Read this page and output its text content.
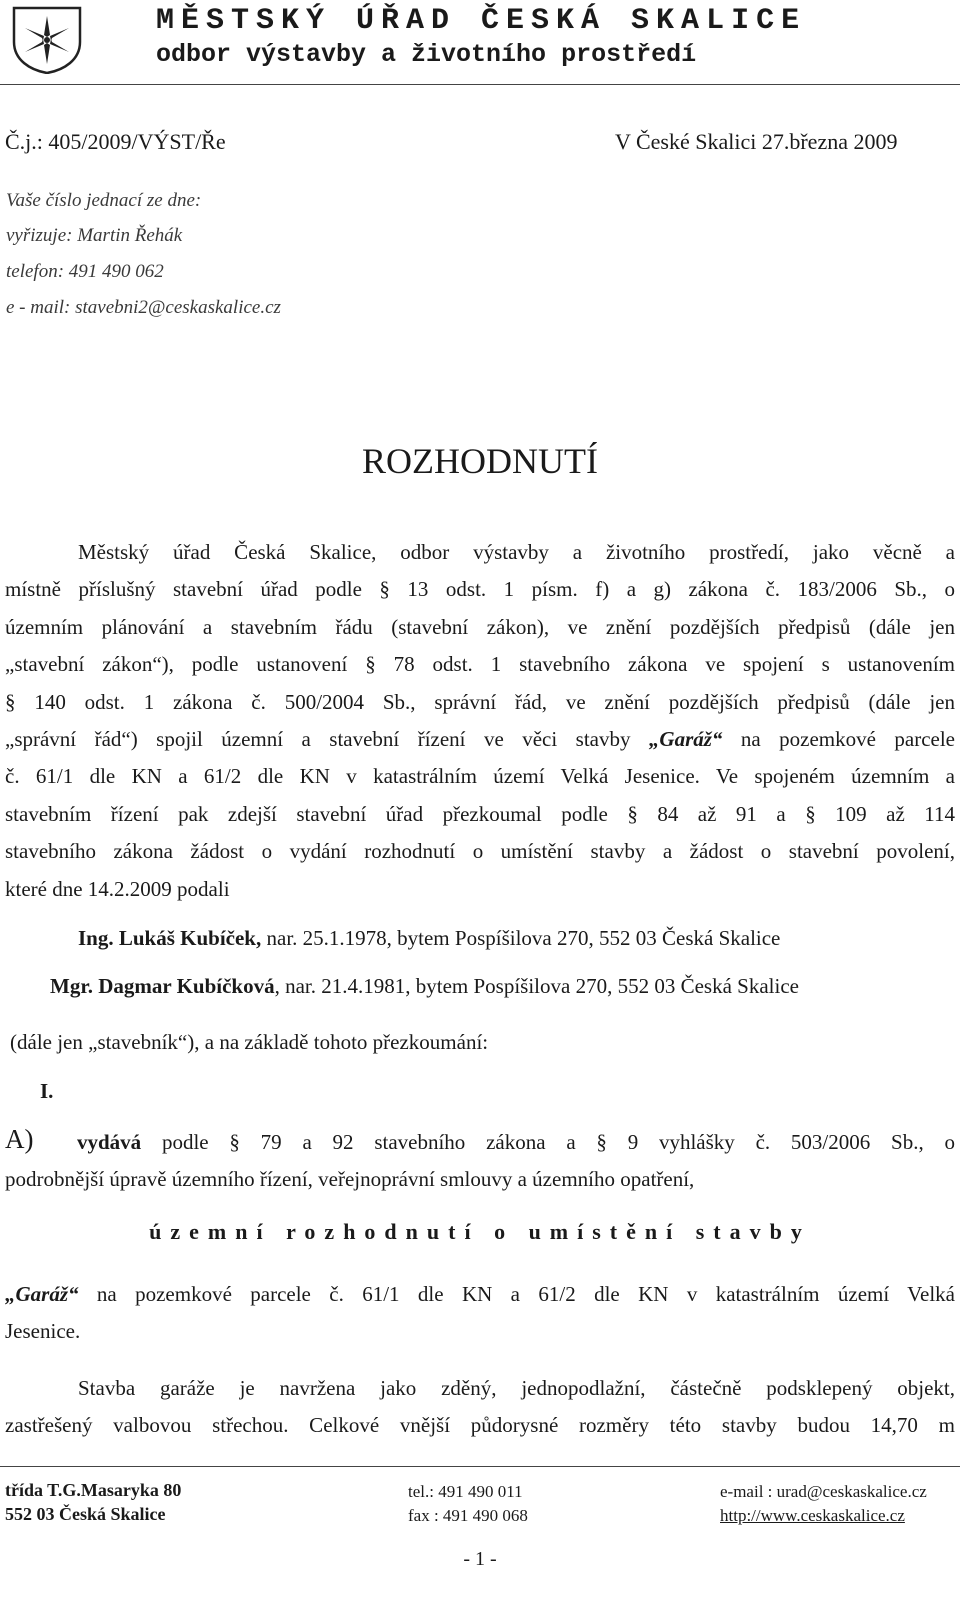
MĚSTSKÝ ÚŘAD ČESKÁ SKALICE
odbor výstavby a životního prostředí
Č.j.: 405/2009/VÝST/Ře	V České Skalici 27.března 2009
Vaše číslo jednací ze dne:
vyřizuje: Martin Řehák
telefon: 491 490 062
e - mail: stavebni2@ceskaskalice.cz
ROZHODNUTÍ
Městský úřad Česká Skalice, odbor výstavby a životního prostředí, jako věcně a
místně příslušný stavební úřad podle § 13 odst. 1 písm. f) a g) zákona č. 183/2006 Sb., o
územním plánování a stavebním řádu (stavební zákon), ve znění pozdějších předpisů (dále jen
„stavební zákon“), podle ustanovení § 78 odst. 1 stavebního zákona ve spojení s ustanovením
§ 140 odst. 1 zákona č. 500/2004 Sb., správní řád, ve znění pozdějších předpisů (dále jen
„správní řád“) spojil územní a stavební řízení ve věci stavby „Garáž“ na pozemkové parcele
č. 61/1 dle KN a 61/2 dle KN v katastrálním území Velká Jesenice. Ve spojeném územním a
stavebním řízení pak zdejší stavební úřad přezkoumal podle § 84 až 91 a § 109 až 114
stavebního zákona žádost o vydání rozhodnutí o umístění stavby a žádost o stavební povolení,
které dne 14.2.2009 podali
Ing. Lukáš Kubíček, nar. 25.1.1978, bytem Pospíšilova 270, 552 03 Česká Skalice
Mgr. Dagmar Kubíčková, nar. 21.4.1981, bytem Pospíšilova 270, 552 03 Česká Skalice
(dále jen „stavebník“), a na základě tohoto přezkoumání:
I.
A) vydává podle § 79 a 92 stavebního zákona a § 9 vyhlášky č. 503/2006 Sb., o
podrobnější úpravě územního řízení, veřejnoprávní smlouvy a územního opatření,
územní rozhodnutí o umístění stavby
„Garáž“ na pozemkové parcele č. 61/1 dle KN a 61/2 dle KN v katastrálním území Velká
Jesenice.
Stavba garáže je navržena jako zděný, jednopodlažní, částečně podsklepený objekt,
zastřešený valbovou střechou. Celkové vnější půdorysné rozměry této stavby budou 14,70 m
třída T.G.Masaryka 80
552 03 Česká Skalice
tel.: 491 490 011
fax : 491 490 068
e-mail : urad@ceskaskalice.cz
http://www.ceskaskalice.cz
- 1 -
